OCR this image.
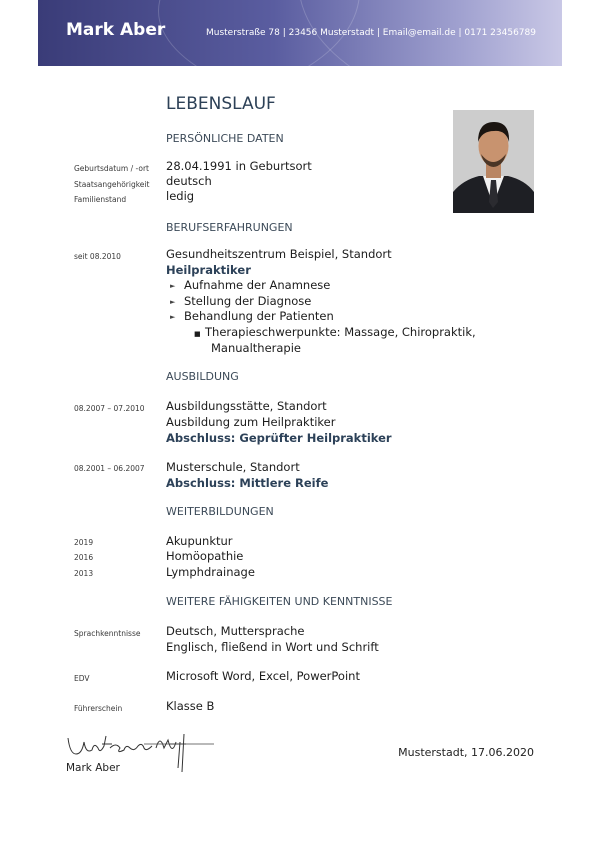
Mark Aber	Musterstraße 78 | 23456 Musterstadt | Email@email.de | 0171 23456789
LEBENSLAUF
PERSÖNLICHE DATEN
Geburtsdatum / -ort 28.04.1991 in Geburtsort
Staatsangehörigkeit deutsch
Familienstand	ledig
BERUFSERFAHRUNGEN
seit 08.2010	Gesundheitszentrum Beispiel, Standort
Heilpraktiker
► Aufnahme der Anamnese
► Stellung der Diagnose
► Behandlung der Patienten
■ Therapieschwerpunkte: Massage, Chiropraktik,
Manualtherapie
AUSBILDUNG
08.2007 – 07.2010 Ausbildungsstätte, Standort
Ausbildung zum Heilpraktiker
Abschluss: Geprüfter Heilpraktiker
08.2001 – 06.2007 Musterschule, Standort
Abschluss: Mittlere Reife
WEITERBILDUNGEN
2019	Akupunktur
2016	Homöopathie
2013	Lymphdrainage
WEITERE FÄHIGKEITEN UND KENNTNISSE
Sprachkenntnisse Deutsch, Muttersprache
Englisch, fließend in Wort und Schrift
EDV	Microsoft Word, Excel, PowerPoint
Führerschein	Klasse B
Mark Aber
Musterstadt, 17.06.2020
